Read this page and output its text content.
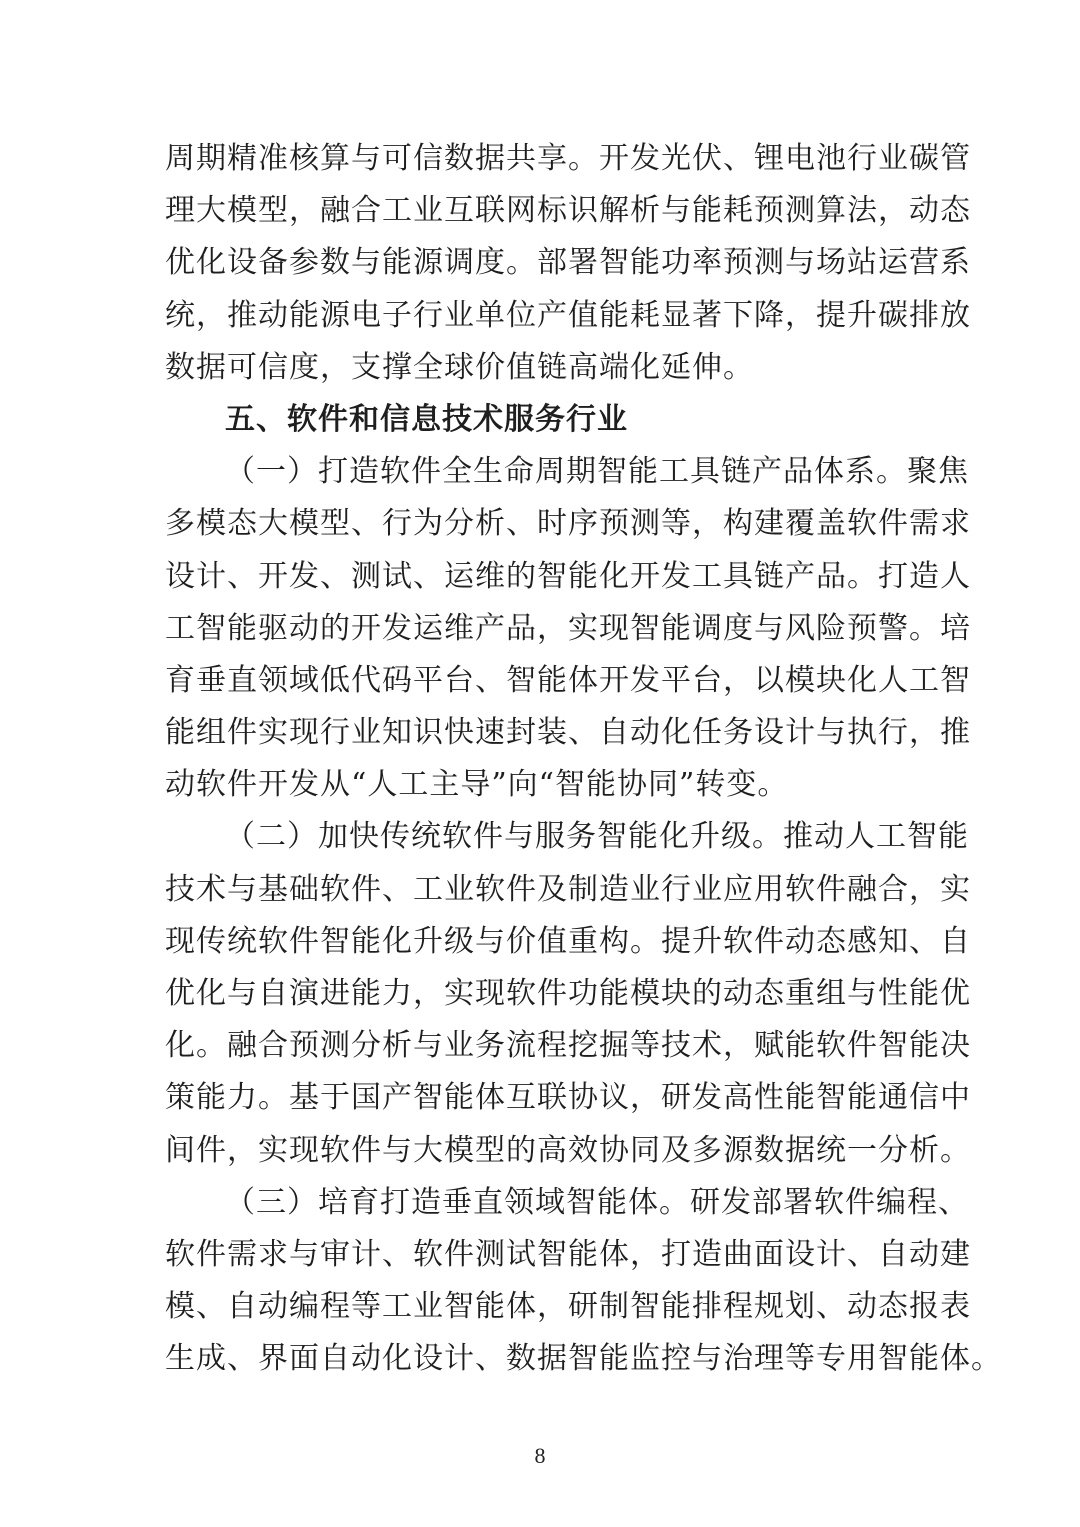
周期精准核算与可信数据共享。开发光伏、锂电池行业碳管
理大模型，融合工业互联网标识解析与能耗预测算法，动态
优化设备参数与能源调度。部署智能功率预测与场站运营系
统，推动能源电子行业单位产值能耗显著下降，提升碳排放
数据可信度，支撑全球价值链高端化延伸。
五、软件和信息技术服务行业
（一）打造软件全生命周期智能工具链产品体系。聚焦
多模态大模型、行为分析、时序预测等，构建覆盖软件需求
设计、开发、测试、运维的智能化开发工具链产品。打造人
工智能驱动的开发运维产品，实现智能调度与风险预警。培
育垂直领域低代码平台、智能体开发平台，以模块化人工智
能组件实现行业知识快速封装、自动化任务设计与执行，推
动软件开发从“人工主导”向“智能协同”转变。
（二）加快传统软件与服务智能化升级。推动人工智能
技术与基础软件、工业软件及制造业行业应用软件融合，实
现传统软件智能化升级与价值重构。提升软件动态感知、自
优化与自演进能力，实现软件功能模块的动态重组与性能优
化。融合预测分析与业务流程挖掘等技术，赋能软件智能决
策能力。基于国产智能体互联协议，研发高性能智能通信中
间件，实现软件与大模型的高效协同及多源数据统一分析。
（三）培育打造垂直领域智能体。研发部署软件编程、
软件需求与审计、软件测试智能体，打造曲面设计、自动建
模、自动编程等工业智能体，研制智能排程规划、动态报表
生成、界面自动化设计、数据智能监控与治理等专用智能体。
8
